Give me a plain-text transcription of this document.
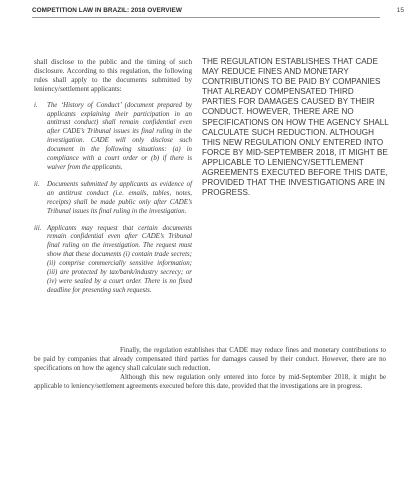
COMPETITION LAW IN BRAZIL: 2018 OVERVIEW	15

shall disclose to the public and the timing of such disclosure. According to this regulation, the following rules shall apply to the documents submitted by leniency/settlement applicants:

i.	The ‘History of Conduct’ (document prepared by applicants explaining their participation in an antitrust conduct) shall remain confidential even after CADE’s Tribunal issues its final ruling in the investigation. CADE will only disclose such document in the following situations: (a) in compliance with a court order or (b) if there is waiver from the applicants.
ii.	Documents submitted by applicants as evidence of an antitrust conduct (i.e. emails, tables, notes, receipts) shall be made public only after CADE’s Tribunal issues its final ruling in the investigation.
iii. Applicants may request that certain documents remain confidential even after CADE’s Tribunal final ruling on the investigation. The request must show that these documents (i) contain trade secrets; (ii) comprise commercially sensitive information; (iii) are protected by tax/bank/industry secrecy; or (iv) were sealed by a court order. There is no fixed deadline for presenting such requests.
THE REGULATION ESTABLISHES THAT CADE MAY REDUCE FINES AND MONETARY CONTRIBUTIONS TO BE PAID BY COMPANIES THAT ALREADY COMPENSATED THIRD PARTIES FOR DAMAGES CAUSED BY THEIR CONDUCT. HOWEVER, THERE ARE NO SPECIFICATIONS ON HOW THE AGENCY SHALL CALCULATE SUCH REDUCTION. ALTHOUGH THIS NEW REGULATION ONLY ENTERED INTO FORCE BY MID-SEPTEMBER 2018, IT MIGHT BE APPLICABLE TO LENIENCY/SETTLEMENT AGREEMENTS EXECUTED BEFORE THIS DATE, PROVIDED THAT THE INVESTIGATIONS ARE IN PROGRESS.

Finally, the regulation establishes that CADE may reduce fines and monetary contributions to be paid by companies that already compensated third parties for damages caused by their conduct. However, there are no specifications on how the agency shall calculate such reduction.

Although this new regulation only entered into force by mid-September 2018, it might be applicable to leniency/settlement agreements executed before this date, provided that the investigations are in progress.
